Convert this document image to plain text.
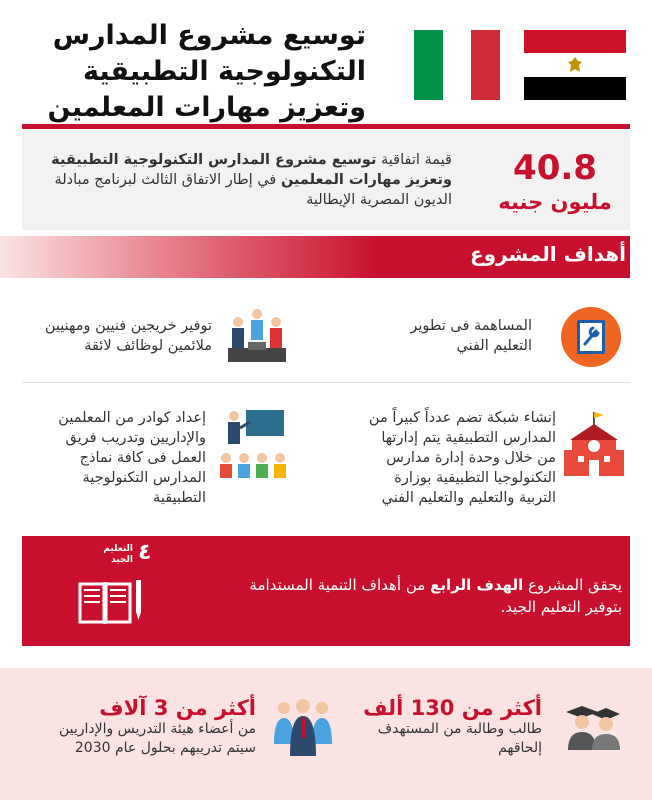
توسيع مشروع المدارس
التكنولوجية التطبيقية
وتعزيز مهارات المعلمين
40.8
مليون جنيه
قيمة اتفاقية توسيع مشروع المدارس التكنولوجية التطبيقية وتعزيز مهارات المعلمين في إطار الاتفاق الثالث لبرنامج مبادلة الديون المصرية الإيطالية
أهداف المشروع
المساهمة فى تطوير
التعليم الفني
توفير خريجين فنيين ومهنيين
ملائمين لوظائف لائقة
إنشاء شبكة تضم عدداً كبيراً من
المدارس التطبيقية يتم إدارتها
من خلال وحدة إدارة مدارس
التكنولوجيا التطبيقية بوزارة
التربية والتعليم والتعليم الفني
إعداد كوادر من المعلمين
والإداريين وتدريب فريق
العمل فى كافة نماذج
المدارس التكنولوجية
التطبيقية
٤
التعليم الجيد
يحقق المشروع الهدف الرابع من أهداف التنمية المستدامة بتوفير التعليم الجيد.
أكثر من 130 ألف
طالب وطالبة من المستهدف
إلحاقهم
أكثر من 3 آلاف
من أعضاء هيئة التدريس والإداريين
سيتم تدريبهم بحلول عام 2030
